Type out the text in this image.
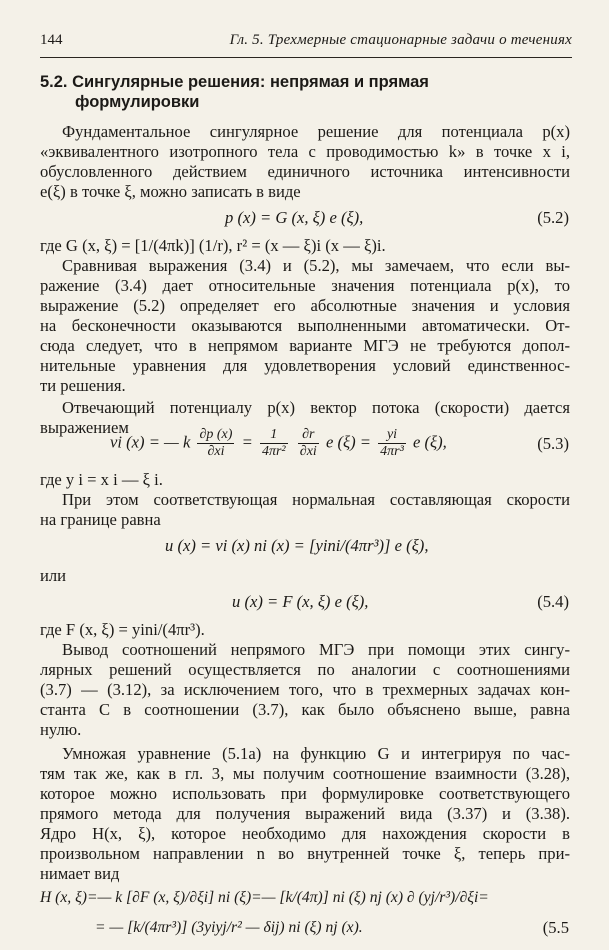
144	Гл. 5. Трехмерные стационарные задачи о течениях
5.2. Сингулярные решения: непрямая и прямая
формулировки
Фундаментальное сингулярное решение для потенциала p(x)
«эквивалентного изотропного тела с проводимостью k» в точке x i,
обусловленного действием единичного источника интенсивности
e(ξ) в точке ξ, можно записать в виде
p (x) = G (x, ξ) e (ξ),	(5.2)
где G (x, ξ) = [1/(4πk)] (1/r), r² = (x — ξ)i (x — ξ)i.
Сравнивая выражения (3.4) и (5.2), мы замечаем, что если вы-
ражение (3.4) дает относительные значения потенциала p(x), то
выражение (5.2) определяет его абсолютные значения и условия
на бесконечности оказываются выполненными автоматически. От-
сюда следует, что в непрямом варианте МГЭ не требуются допол-
нительные уравнения для удовлетворения условий единственнос-
ти решения.
Отвечающий потенциалу p(x) вектор потока (скорости) дается
выражением
vi (x) = — k $\frac{\partial p (x)}{\partial xi} = \frac{1}{\text{4πr²}}$
$\frac{\partial r}{\partial xi}$ e $(\xi) = \frac{yi}{\text{4πr³}}$ e (ξ),	(5.3)
где y i = x i — ξ i.
При этом соответствующая нормальная составляющая скорости
на границе равна
u (x) = vi (x) ni (x) = [yini/(4πr³)] e (ξ),
или
u (x) = F (x, ξ) e (ξ),	(5.4)
где F (x, ξ) = yini/(4πr³).
Вывод соотношений непрямого МГЭ при помощи этих сингу-
лярных решений осуществляется по аналогии с соотношениями
(3.7) — (3.12), за исключением того, что в трехмерных задачах кон-
станта C в соотношении (3.7), как было объяснено выше, равна
нулю.
Умножая уравнение (5.1а) на функцию G и интегрируя по час-
тям так же, как в гл. 3, мы получим соотношение взаимности (3.28),
которое можно использовать при формулировке соответствующего
прямого метода для получения выражений вида (3.37) и (3.38).
Ядро H(x, ξ), которое необходимо для нахождения скорости в
произвольном направлении n во внутренней точке ξ, теперь при-
нимает вид
H (x, ξ)=— k [∂F (x, ξ)/∂ξi] ni (ξ)=— [k/(4π)] ni (ξ) nj (x) ∂ (yj/r³)/∂ξi=
= — [k/(4πr³)] (3yiyj/r² — δij) ni (ξ) nj (x).	(5.5
